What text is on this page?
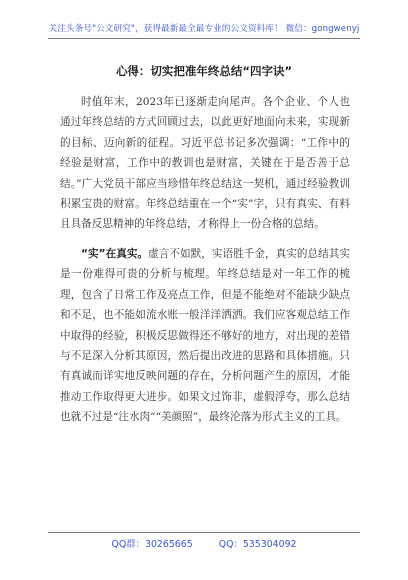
关注头条号"公文研究"，获得最新最全最专业的公文资料库！ 微信：gongwenyj
心得：切实把准年终总结“四字诀”
时值年末，2023年已逐渐走向尾声。各个企业、个人也通过年终总结的方式回顾过去，以此更好地面向未来，实现新的目标、迈向新的征程。习近平总书记多次强调：“工作中的经验是财富，工作中的教训也是财富，关键在于是否善于总结。”广大党员干部应当珍惜年终总结这一契机，通过经验教训积累宝贵的财富。年终总结重在一个“实”字，只有真实、有料且具备反思精神的年终总结，才称得上一份合格的总结。
“实”在真实。虚言不如默，实语胜千金，真实的总结其实是一份难得可贵的分析与梳理。年终总结是对一年工作的梳理，包含了日常工作及亮点工作，但是不能绝对不能缺少缺点和不足，也不能如流水账一般洋洋洒洒。我们应客观总结工作中取得的经验，积极反思做得还不够好的地方，对出现的差错与不足深入分析其原因，然后提出改进的思路和具体措施。只有真诚而详实地反映问题的存在，分析问题产生的原因，才能推动工作取得更大进步。如果文过饰非，虚假浮夸，那么总结也就不过是“注水肉”“美颜照”，最终沦落为形式主义的工具。
QQ群：30265665	QQ：535304092
